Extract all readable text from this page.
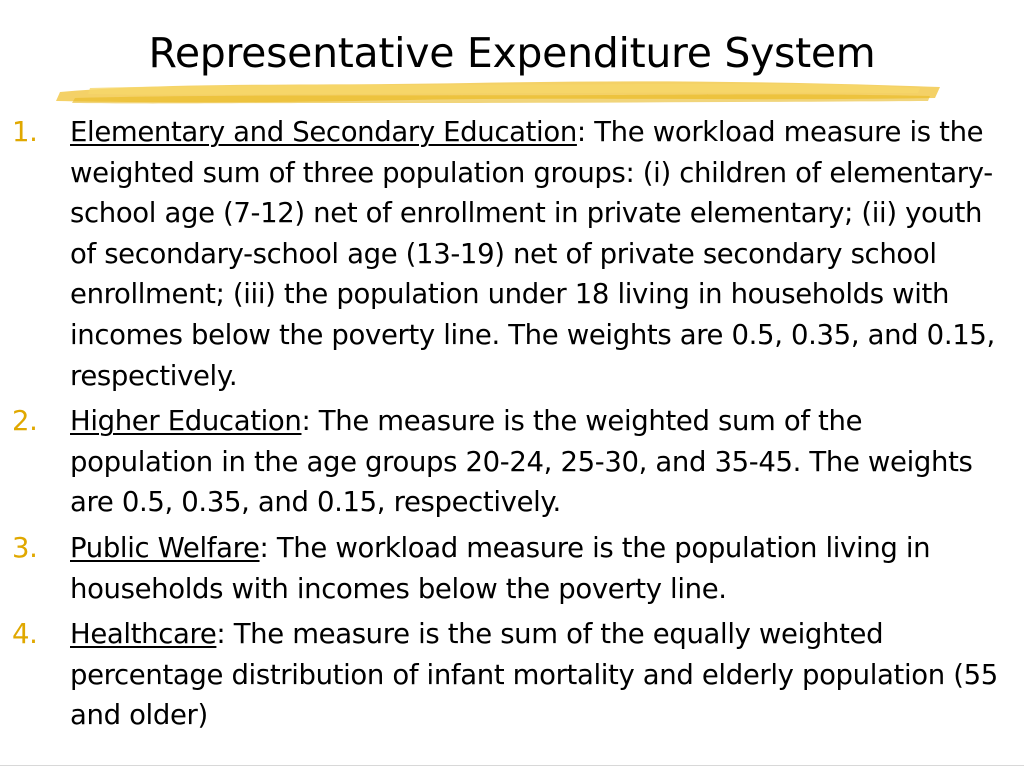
Representative Expenditure System
1. Elementary and Secondary Education: The workload measure is the weighted sum of three population groups: (i) children of elementary-school age (7-12) net of enrollment in private elementary; (ii) youth of secondary-school age (13-19) net of private secondary school enrollment; (iii) the population under 18 living in households with incomes below the poverty line. The weights are 0.5, 0.35, and 0.15, respectively.
2. Higher Education: The measure is the weighted sum of the population in the age groups 20-24, 25-30, and 35-45. The weights are 0.5, 0.35, and 0.15, respectively.
3. Public Welfare: The workload measure is the population living in households with incomes below the poverty line.
4. Healthcare: The measure is the sum of the equally weighted percentage distribution of infant mortality and elderly population (55 and older)
